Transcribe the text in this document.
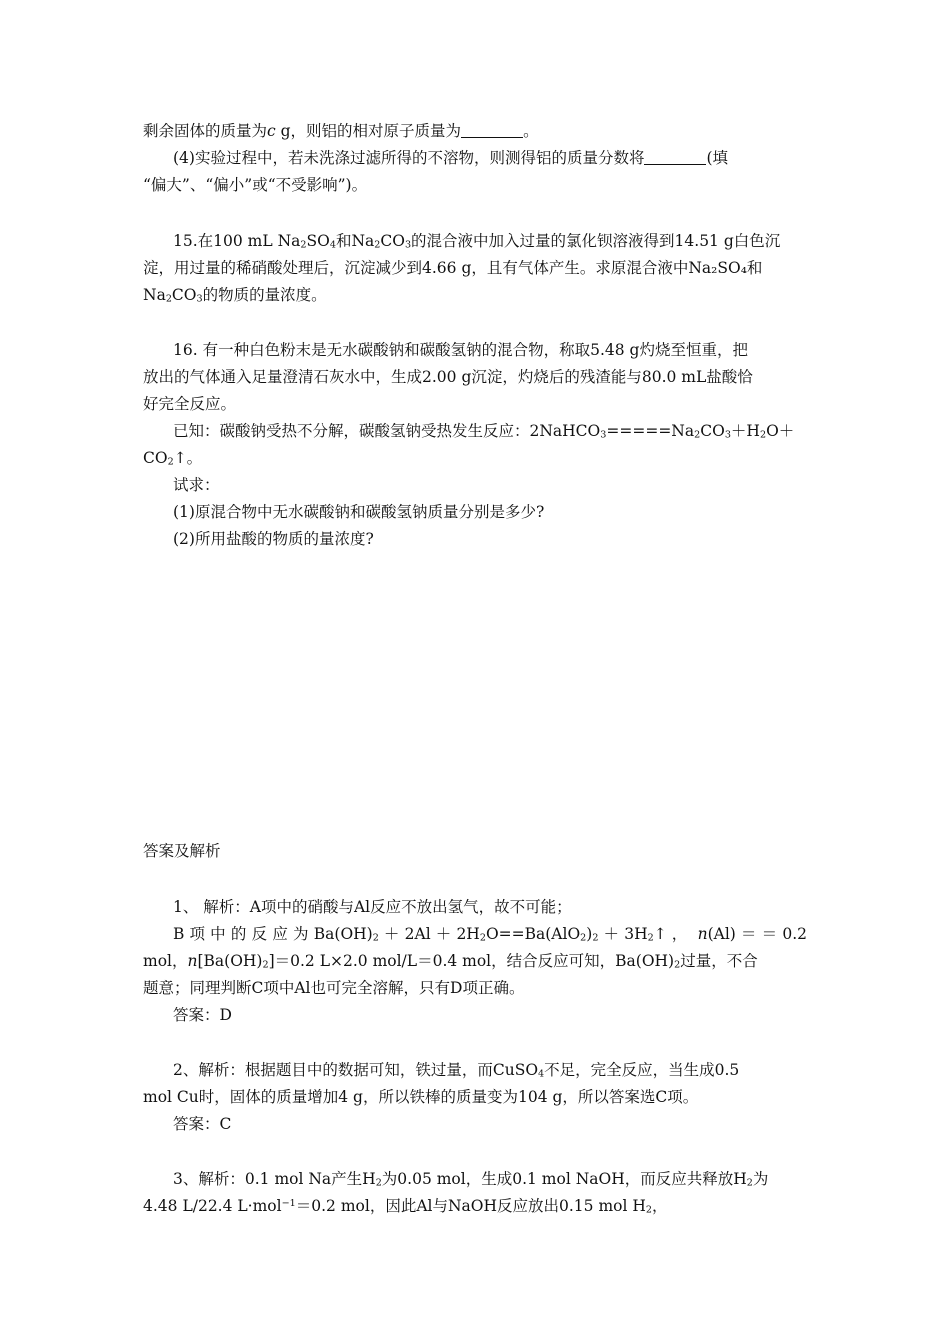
剩余固体的质量为c g，则铝的相对原子质量为	。
(4)实验过程中，若未洗涤过滤所得的不溶物，则测得铝的质量分数将	(填
“偏大”、“偏小”或“不受影响”)。
15.在100 mL $Na_2SO_4$和$Na_2CO_3$的混合液中加入过量的氯化钡溶液得到14.51 g白色沉
淀，用过量的稀硝酸处理后，沉淀减少到4.66 g，且有气体产生。求原混合液中Na₂SO₄和
$Na_2CO_3$的物质的量浓度。
16. 有一种白色粉末是无水碳酸钠和碳酸氢钠的混合物，称取5.48 g灼烧至恒重，把
放出的气体通入足量澄清石灰水中，生成2.00 g沉淀，灼烧后的残渣能与80.0 mL盐酸恰
好完全反应。
已知：碳酸钠受热不分解，碳酸氢钠受热发生反应：$2NaHCO_3=====Na_2CO_3+H_2O+$
$CO_2↑$。
试求：
(1)原混合物中无水碳酸钠和碳酸氢钠质量分别是多少?
(2)所用盐酸的物质的量浓度?
答案及解析
1、 解析：A项中的硝酸与Al反应不放出氢气，故不可能；
B 项 中 的 反 应 为 $Ba(OH)_2 + 2Al + 2H_2O==Ba(AlO_2)_2$ ＋ $3H_2↑$ ， n(Al) ＝ ＝ 0.2
mol，$n[Ba(OH)_2]=0.2$ L×2.0 mol/L＝0.4 mol，结合反应可知，$Ba(OH)_2$过量，不合
题意；同理判断C项中Al也可完全溶解，只有D项正确。
答案：D
2、解析：根据题目中的数据可知，铁过量，而CuSO$_4$不足，完全反应，当生成0.5
mol Cu时，固体的质量增加4 g，所以铁棒的质量变为104 g，所以答案选C项。
答案：C
3、解析：0.1 mol Na产生$H_2$为0.05 mol，生成0.1 mol NaOH，而反应共释放$H_2$为
4.48 L/22.4 L·mol$^{-1}$＝0.2 mol，因此Al与NaOH反应放出0.15 mol $H_2$，
